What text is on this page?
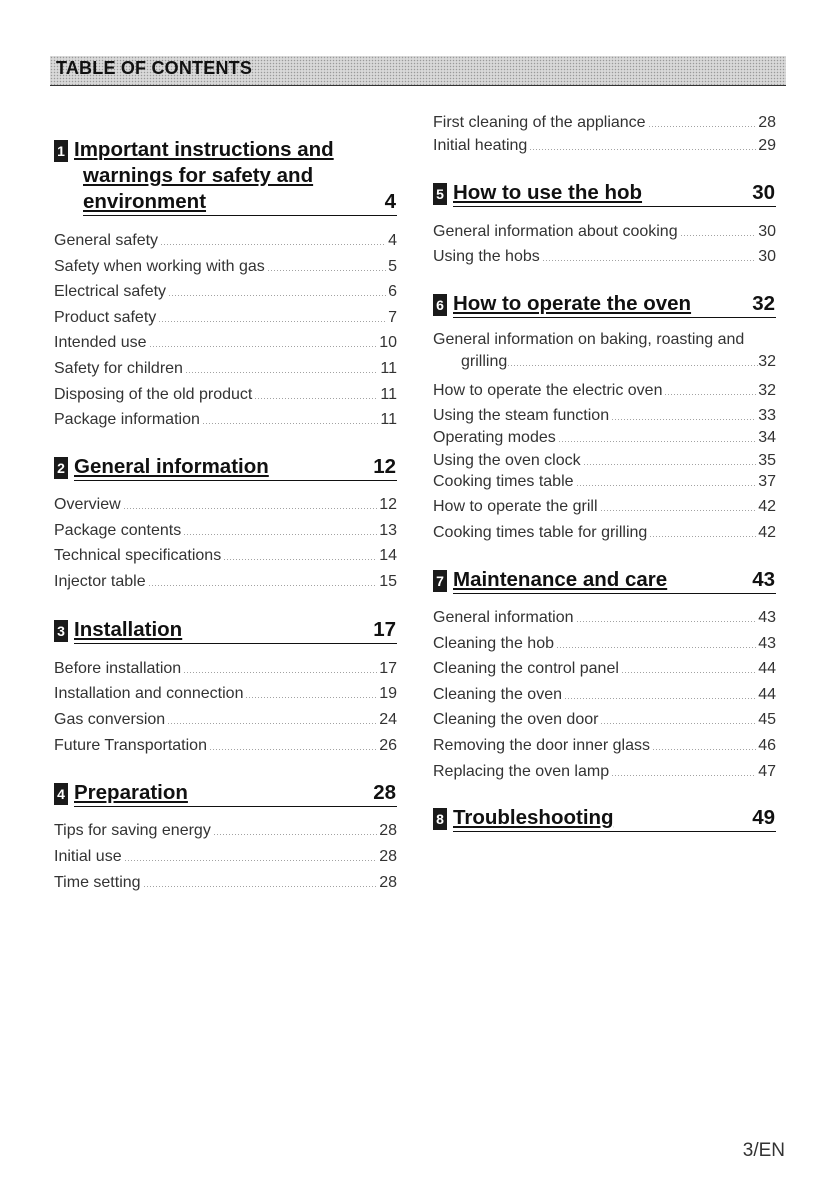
TABLE OF CONTENTS
1 Important instructions and
warnings for safety and
environment	4
General safety	4
Safety when working with gas	5
Electrical safety	6
Product safety	7
Intended use	10
Safety for children	11
Disposing of the old product	11
Package information	11
2 General information	12
Overview	12
Package contents	13
Technical specifications	14
Injector table	15
3 Installation	17
Before installation	17
Installation and connection	19
Gas conversion	24
Future Transportation	26
4 Preparation	28
Tips for saving energy	28
Initial use	28
Time setting	28
First cleaning of the appliance	28
Initial heating	29
5 How to use the hob	30
General information about cooking	30
Using the hobs	30
6 How to operate the oven	32
General information on baking, roasting and
grilling	32
How to operate the electric oven	32
Using the steam function	33
Operating modes	34
Using the oven clock	35
Cooking times table	37
How to operate the grill	42
Cooking times table for grilling	42
7 Maintenance and care	43
General information	43
Cleaning the hob	43
Cleaning the control panel	44
Cleaning the oven	44
Cleaning the oven door	45
Removing the door inner glass	46
Replacing the oven lamp	47
8 Troubleshooting	49
3/EN
